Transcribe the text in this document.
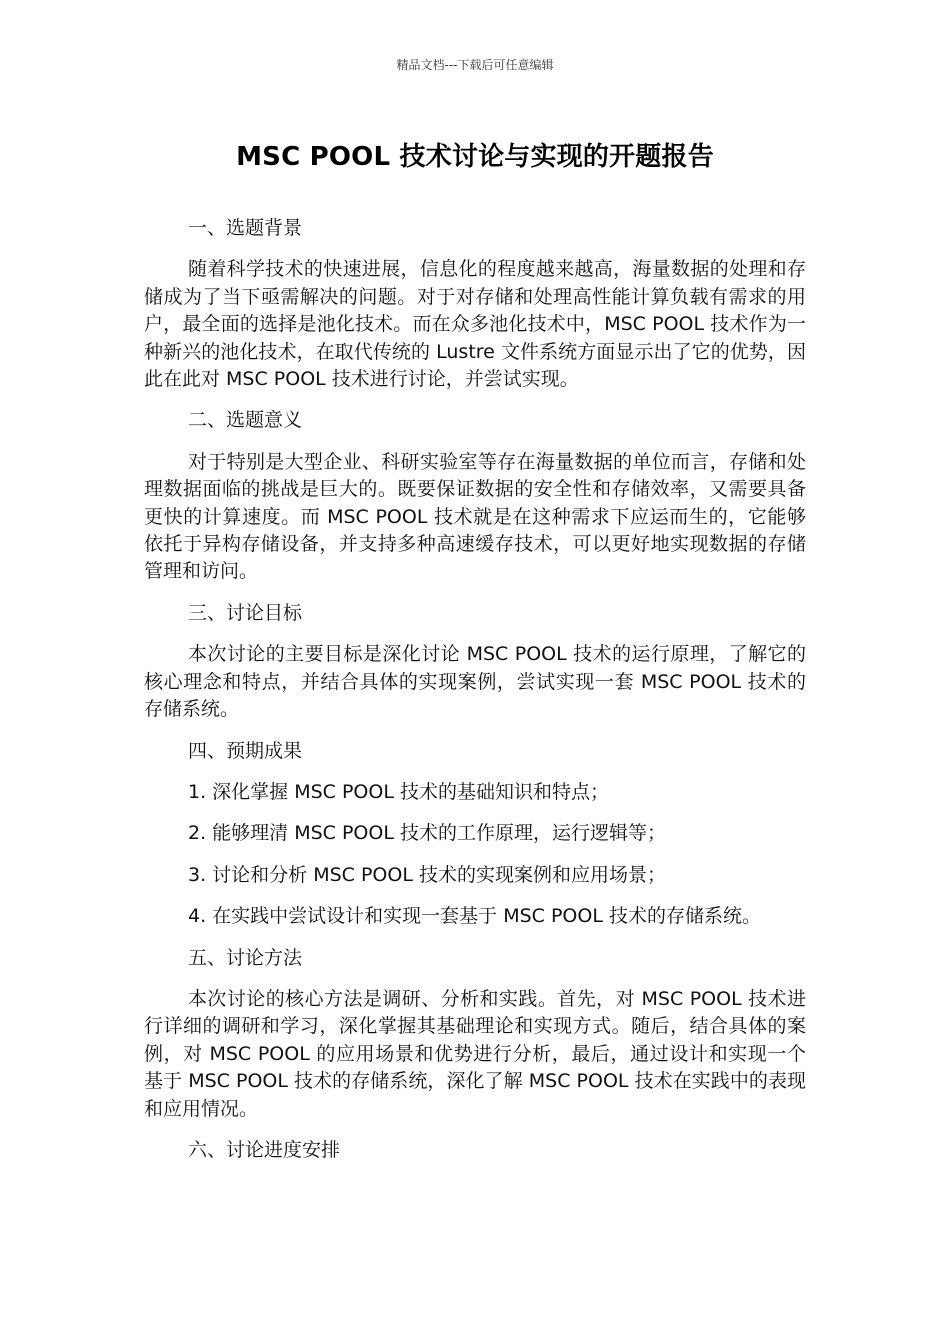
精品文档---下载后可任意编辑
MSC POOL 技术讨论与实现的开题报告

一、选题背景

随着科学技术的快速进展，信息化的程度越来越高，海量数据的处理和存储成为了当下亟需解决的问题。对于对存储和处理高性能计算负载有需求的用户，最全面的选择是池化技术。而在众多池化技术中，MSC POOL 技术作为一种新兴的池化技术，在取代传统的 Lustre 文件系统方面显示出了它的优势，因此在此对 MSC POOL 技术进行讨论，并尝试实现。

二、选题意义

对于特别是大型企业、科研实验室等存在海量数据的单位而言，存储和处理数据面临的挑战是巨大的。既要保证数据的安全性和存储效率，又需要具备更快的计算速度。而 MSC POOL 技术就是在这种需求下应运而生的，它能够依托于异构存储设备，并支持多种高速缓存技术，可以更好地实现数据的存储管理和访问。

三、讨论目标

本次讨论的主要目标是深化讨论 MSC POOL 技术的运行原理，了解它的核心理念和特点，并结合具体的实现案例，尝试实现一套 MSC POOL 技术的存储系统。

四、预期成果

1. 深化掌握 MSC POOL 技术的基础知识和特点；

2. 能够理清 MSC POOL 技术的工作原理，运行逻辑等；

3. 讨论和分析 MSC POOL 技术的实现案例和应用场景；

4. 在实践中尝试设计和实现一套基于 MSC POOL 技术的存储系统。

五、讨论方法

本次讨论的核心方法是调研、分析和实践。首先，对 MSC POOL 技术进行详细的调研和学习，深化掌握其基础理论和实现方式。随后，结合具体的案例，对 MSC POOL 的应用场景和优势进行分析，最后，通过设计和实现一个基于 MSC POOL 技术的存储系统，深化了解 MSC POOL 技术在实践中的表现和应用情况。

六、讨论进度安排
